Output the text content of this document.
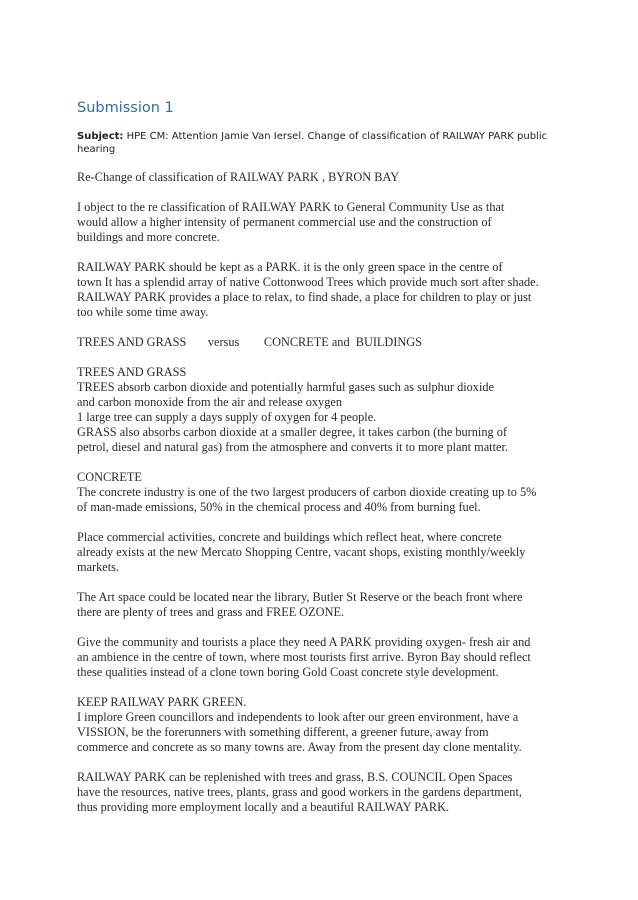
Submission 1
Subject: HPE CM: Attention Jamie Van Iersel. Change of classification of RAILWAY PARK public hearing
Re-Change of classification of RAILWAY PARK , BYRON BAY
I object to the re classification of RAILWAY PARK to General Community Use as that
would allow a higher intensity of permanent commercial use and the construction of
buildings and more concrete.
RAILWAY PARK should be kept as a PARK. it is the only green space in the centre of
town It has a splendid array of native Cottonwood Trees which provide much sort after shade.
RAILWAY PARK provides a place to relax, to find shade, a place for children to play or just
too while some time away.
TREES AND GRASS       versus        CONCRETE and  BUILDINGS
TREES AND GRASS
TREES absorb carbon dioxide and potentially harmful gases such as sulphur dioxide
and carbon monoxide from the air and release oxygen
1 large tree can supply a days supply of oxygen for 4 people.
GRASS also absorbs carbon dioxide at a smaller degree, it takes carbon (the burning of
petrol, diesel and natural gas) from the atmosphere and converts it to more plant matter.
CONCRETE
The concrete industry is one of the two largest producers of carbon dioxide creating up to 5%
of man-made emissions, 50% in the chemical process and 40% from burning fuel.
Place commercial activities, concrete and buildings which reflect heat, where concrete
already exists at the new Mercato Shopping Centre, vacant shops, existing monthly/weekly
markets.
The Art space could be located near the library, Butler St Reserve or the beach front where
there are plenty of trees and grass and FREE OZONE.
Give the community and tourists a place they need A PARK providing oxygen- fresh air and
an ambience in the centre of town, where most tourists first arrive. Byron Bay should reflect
these qualities instead of a clone town boring Gold Coast concrete style development.
KEEP RAILWAY PARK GREEN.
I implore Green councillors and independents to look after our green environment, have a
VISSION, be the forerunners with something different, a greener future, away from
commerce and concrete as so many towns are. Away from the present day clone mentality.
RAILWAY PARK can be replenished with trees and grass, B.S. COUNCIL Open Spaces
have the resources, native trees, plants, grass and good workers in the gardens department,
thus providing more employment locally and a beautiful RAILWAY PARK.
